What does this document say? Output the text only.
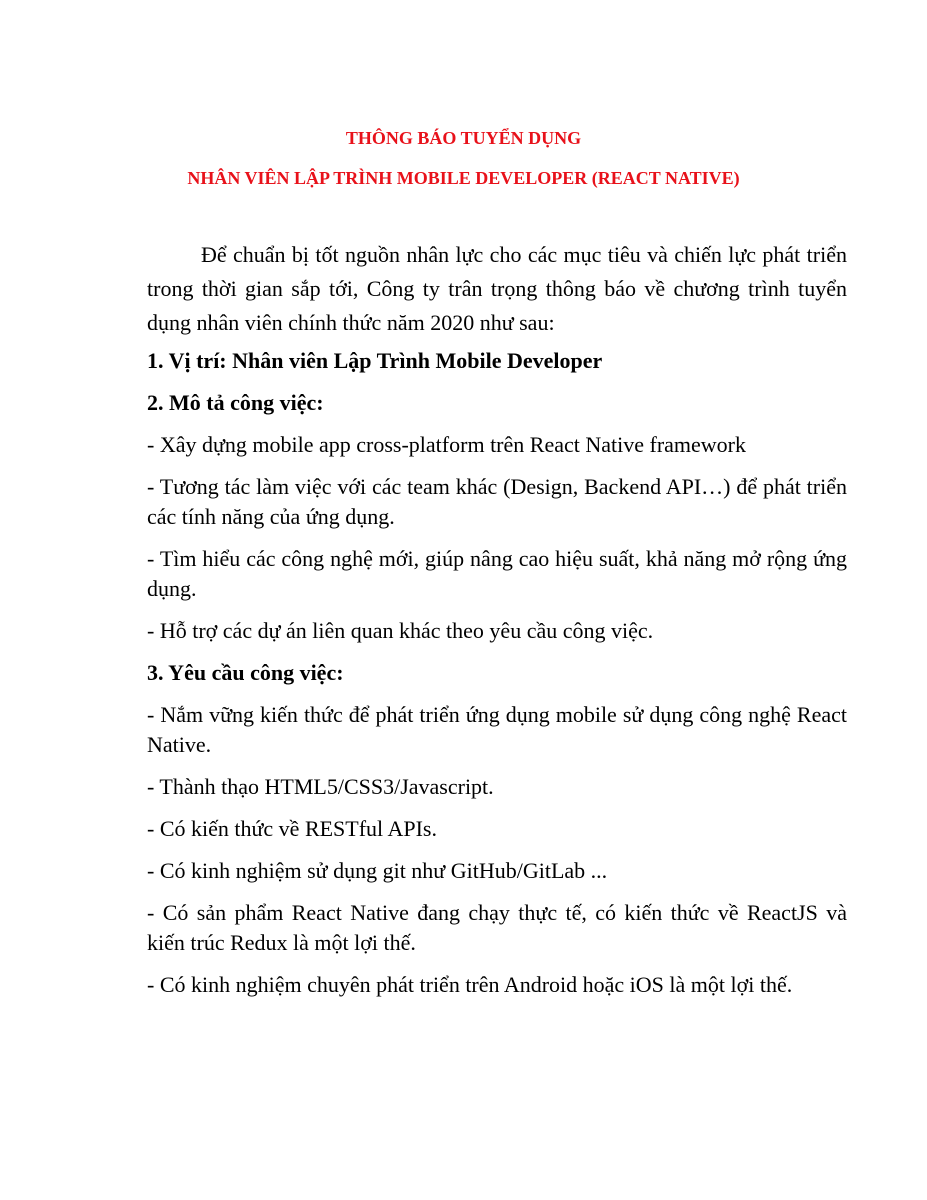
THÔNG BÁO TUYỂN DỤNG
NHÂN VIÊN LẬP TRÌNH MOBILE DEVELOPER (REACT NATIVE)

Để chuẩn bị tốt nguồn nhân lực cho các mục tiêu và chiến lực phát triển trong thời gian sắp tới, Công ty trân trọng thông báo về chương trình tuyển dụng nhân viên chính thức năm 2020 như sau:

1. Vị trí: Nhân viên Lập Trình Mobile Developer
2. Mô tả công việc:
- Xây dựng mobile app cross-platform trên React Native framework
- Tương tác làm việc với các team khác (Design, Backend API…) để phát triển các tính năng của ứng dụng.
- Tìm hiểu các công nghệ mới, giúp nâng cao hiệu suất, khả năng mở rộng ứng dụng.
- Hỗ trợ các dự án liên quan khác theo yêu cầu công việc.
3. Yêu cầu công việc:
- Nắm vững kiến thức để phát triển ứng dụng mobile sử dụng công nghệ React Native.
- Thành thạo HTML5/CSS3/Javascript.
- Có kiến thức về RESTful APIs.
- Có kinh nghiệm sử dụng git như GitHub/GitLab ...
- Có sản phẩm React Native đang chạy thực tế, có kiến thức về ReactJS và kiến trúc Redux là một lợi thế.
- Có kinh nghiệm chuyên phát triển trên Android hoặc iOS là một lợi thế.
